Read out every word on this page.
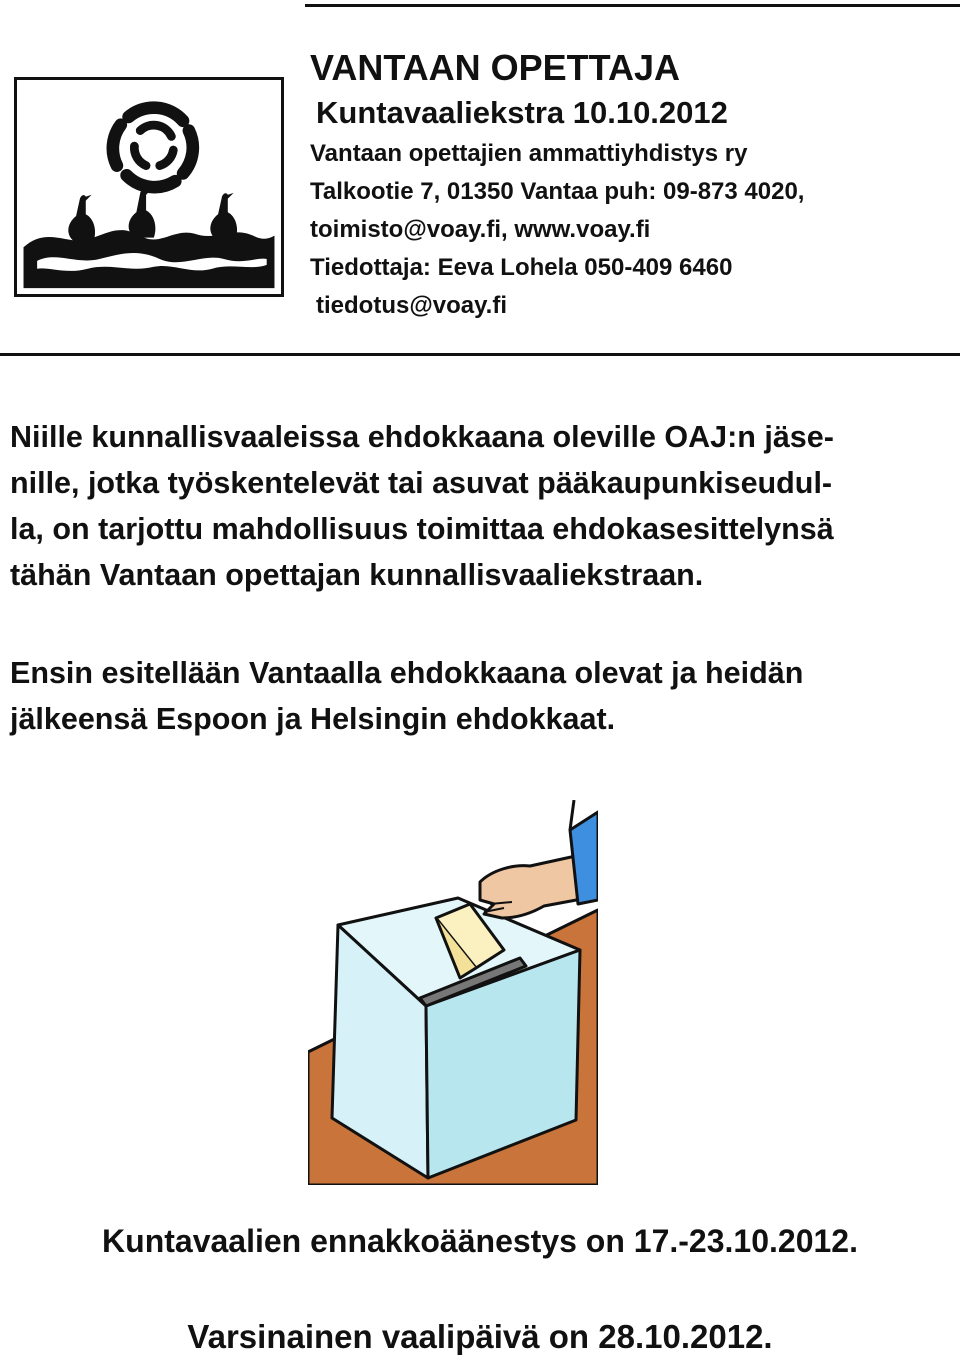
VANTAAN OPETTAJA
Kuntavaaliekstra 10.10.2012
Vantaan opettajien ammattiyhdistys ry
Talkootie 7, 01350 Vantaa puh: 09-873 4020,
toimisto@voay.fi, www.voay.fi
Tiedottaja: Eeva Lohela 050-409 6460
tiedotus@voay.fi
Niille kunnallisvaaleissa ehdokkaana oleville OAJ:n jäse-
nille, jotka työskentelevät tai asuvat pääkaupunkiseudul-
la, on tarjottu mahdollisuus toimittaa ehdokasesittelynsä
tähän Vantaan opettajan kunnallisvaaliekstraan.
Ensin esitellään Vantaalla ehdokkaana olevat ja heidän
jälkeensä Espoon ja Helsingin ehdokkaat.
Kuntavaalien ennakkoäänestys on 17.-23.10.2012.
Varsinainen vaalipäivä on 28.10.2012.
